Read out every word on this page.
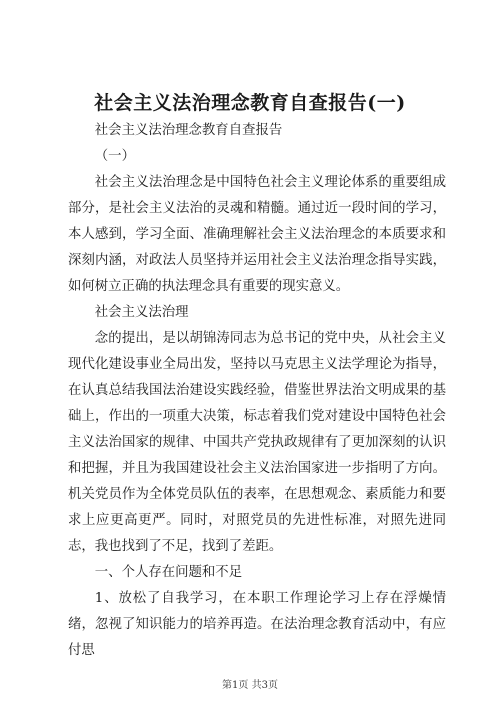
社会主义法治理念教育自查报告(一)

社会主义法治理念教育自查报告

（一）

社会主义法治理念是中国特色社会主义理论体系的重要组成部分，是社会主义法治的灵魂和精髓。通过近一段时间的学习，本人感到，学习全面、准确理解社会主义法治理念的本质要求和深刻内涵，对政法人员坚持并运用社会主义法治理念指导实践，如何树立正确的执法理念具有重要的现实意义。

社会主义法治理

念的提出，是以胡锦涛同志为总书记的党中央，从社会主义现代化建设事业全局出发，坚持以马克思主义法学理论为指导，在认真总结我国法治建设实践经验，借鉴世界法治文明成果的基础上，作出的一项重大决策，标志着我们党对建设中国特色社会主义法治国家的规律、中国共产党执政规律有了更加深刻的认识和把握，并且为我国建设社会主义法治国家进一步指明了方向。机关党员作为全体党员队伍的表率，在思想观念、素质能力和要求上应更高更严。同时，对照党员的先进性标准，对照先进同志，我也找到了不足，找到了差距。

一、个人存在问题和不足

1、放松了自我学习，在本职工作理论学习上存在浮燥情绪，忽视了知识能力的培养再造。在法治理念教育活动中，有应付思

第1页 共3页
